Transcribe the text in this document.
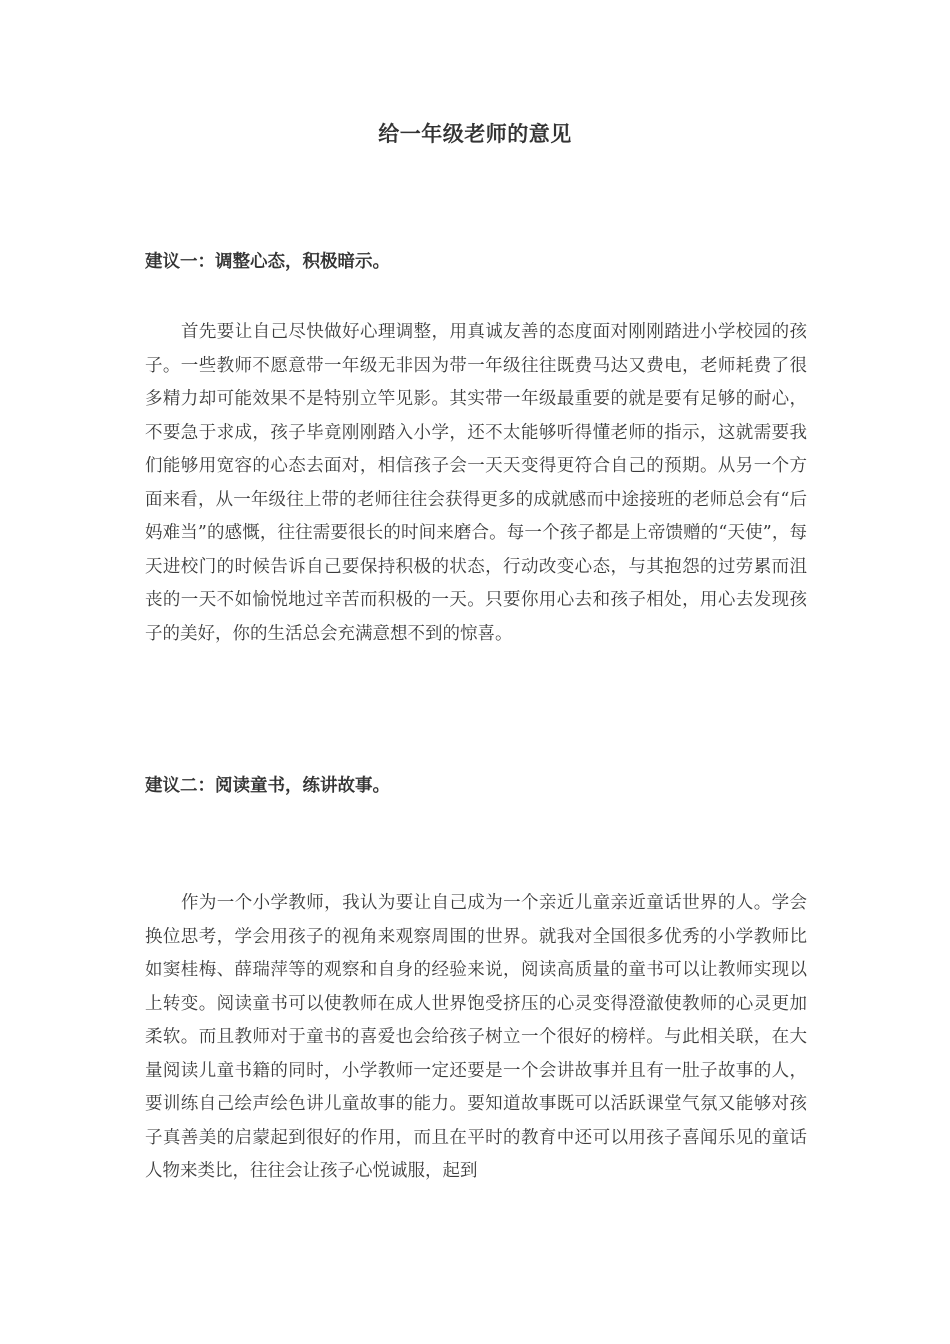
给一年级老师的意见
建议一：调整心态，积极暗示。

首先要让自己尽快做好心理调整，用真诚友善的态度面对刚刚踏进小学校园的孩子。一些教师不愿意带一年级无非因为带一年级往往既费马达又费电，老师耗费了很多精力却可能效果不是特别立竿见影。其实带一年级最重要的就是要有足够的耐心，不要急于求成，孩子毕竟刚刚踏入小学，还不太能够听得懂老师的指示，这就需要我们能够用宽容的心态去面对，相信孩子会一天天变得更符合自己的预期。从另一个方面来看，从一年级往上带的老师往往会获得更多的成就感而中途接班的老师总会有“后妈难当”的感慨，往往需要很长的时间来磨合。每一个孩子都是上帝馈赠的“天使”，每天进校门的时候告诉自己要保持积极的状态，行动改变心态，与其抱怨的过劳累而沮丧的一天不如愉悦地过辛苦而积极的一天。只要你用心去和孩子相处，用心去发现孩子的美好，你的生活总会充满意想不到的惊喜。

建议二：阅读童书，练讲故事。

作为一个小学教师，我认为要让自己成为一个亲近儿童亲近童话世界的人。学会换位思考，学会用孩子的视角来观察周围的世界。就我对全国很多优秀的小学教师比如窦桂梅、薛瑞萍等的观察和自身的经验来说，阅读高质量的童书可以让教师实现以上转变。阅读童书可以使教师在成人世界饱受挤压的心灵变得澄澈使教师的心灵更加柔软。而且教师对于童书的喜爱也会给孩子树立一个很好的榜样。与此相关联，在大量阅读儿童书籍的同时，小学教师一定还要是一个会讲故事并且有一肚子故事的人，要训练自己绘声绘色讲儿童故事的能力。要知道故事既可以活跃课堂气氛又能够对孩子真善美的启蒙起到很好的作用，而且在平时的教育中还可以用孩子喜闻乐见的童话人物来类比，往往会让孩子心悦诚服，起到
